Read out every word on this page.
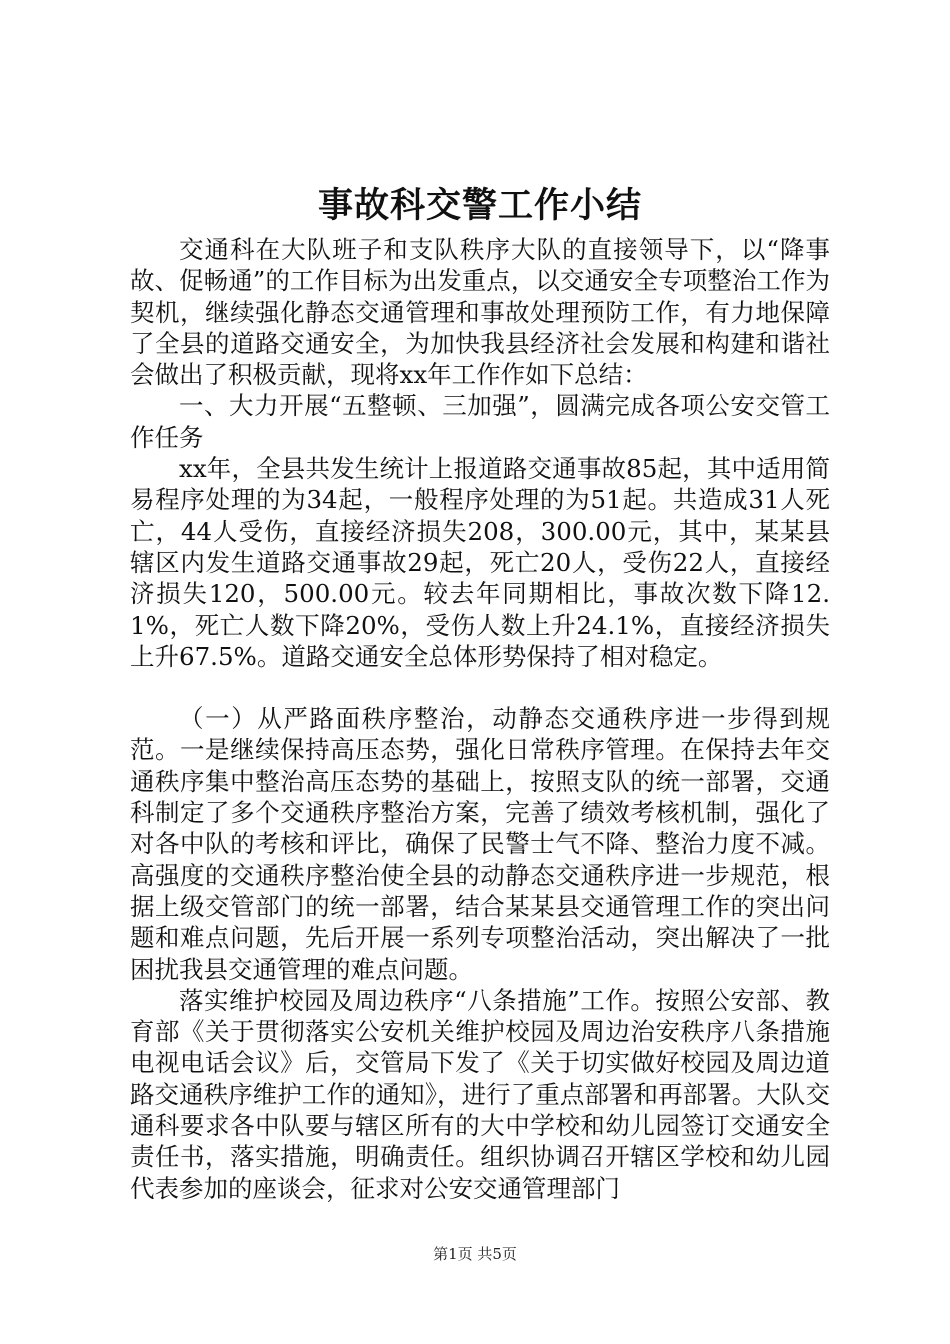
事故科交警工作小结

交通科在大队班子和支队秩序大队的直接领导下，以“降事故、促畅通”的工作目标为出发重点，以交通安全专项整治工作为契机，继续强化静态交通管理和事故处理预防工作，有力地保障了全县的道路交通安全，为加快我县经济社会发展和构建和谐社会做出了积极贡献，现将xx年工作作如下总结：

一、大力开展“五整顿、三加强”，圆满完成各项公安交管工作任务

xx年，全县共发生统计上报道路交通事故85起，其中适用简易程序处理的为34起，一般程序处理的为51起。共造成31人死亡，44人受伤，直接经济损失208，300.00元，其中，某某县辖区内发生道路交通事故29起，死亡20人，受伤22人，直接经济损失120，500.00元。较去年同期相比，事故次数下降12.1%，死亡人数下降20%，受伤人数上升24.1%，直接经济损失上升67.5%。道路交通安全总体形势保持了相对稳定。

（一）从严路面秩序整治，动静态交通秩序进一步得到规范。一是继续保持高压态势，强化日常秩序管理。在保持去年交通秩序集中整治高压态势的基础上，按照支队的统一部署，交通科制定了多个交通秩序整治方案，完善了绩效考核机制，强化了对各中队的考核和评比，确保了民警士气不降、整治力度不减。高强度的交通秩序整治使全县的动静态交通秩序进一步规范，根据上级交管部门的统一部署，结合某某县交通管理工作的突出问题和难点问题，先后开展一系列专项整治活动，突出解决了一批困扰我县交通管理的难点问题。

落实维护校园及周边秩序“八条措施”工作。按照公安部、教育部《关于贯彻落实公安机关维护校园及周边治安秩序八条措施电视电话会议》后，交管局下发了《关于切实做好校园及周边道路交通秩序维护工作的通知》，进行了重点部署和再部署。大队交通科要求各中队要与辖区所有的大中学校和幼儿园签订交通安全责任书，落实措施，明确责任。组织协调召开辖区学校和幼儿园代表参加的座谈会，征求对公安交通管理部门

第1页 共5页
